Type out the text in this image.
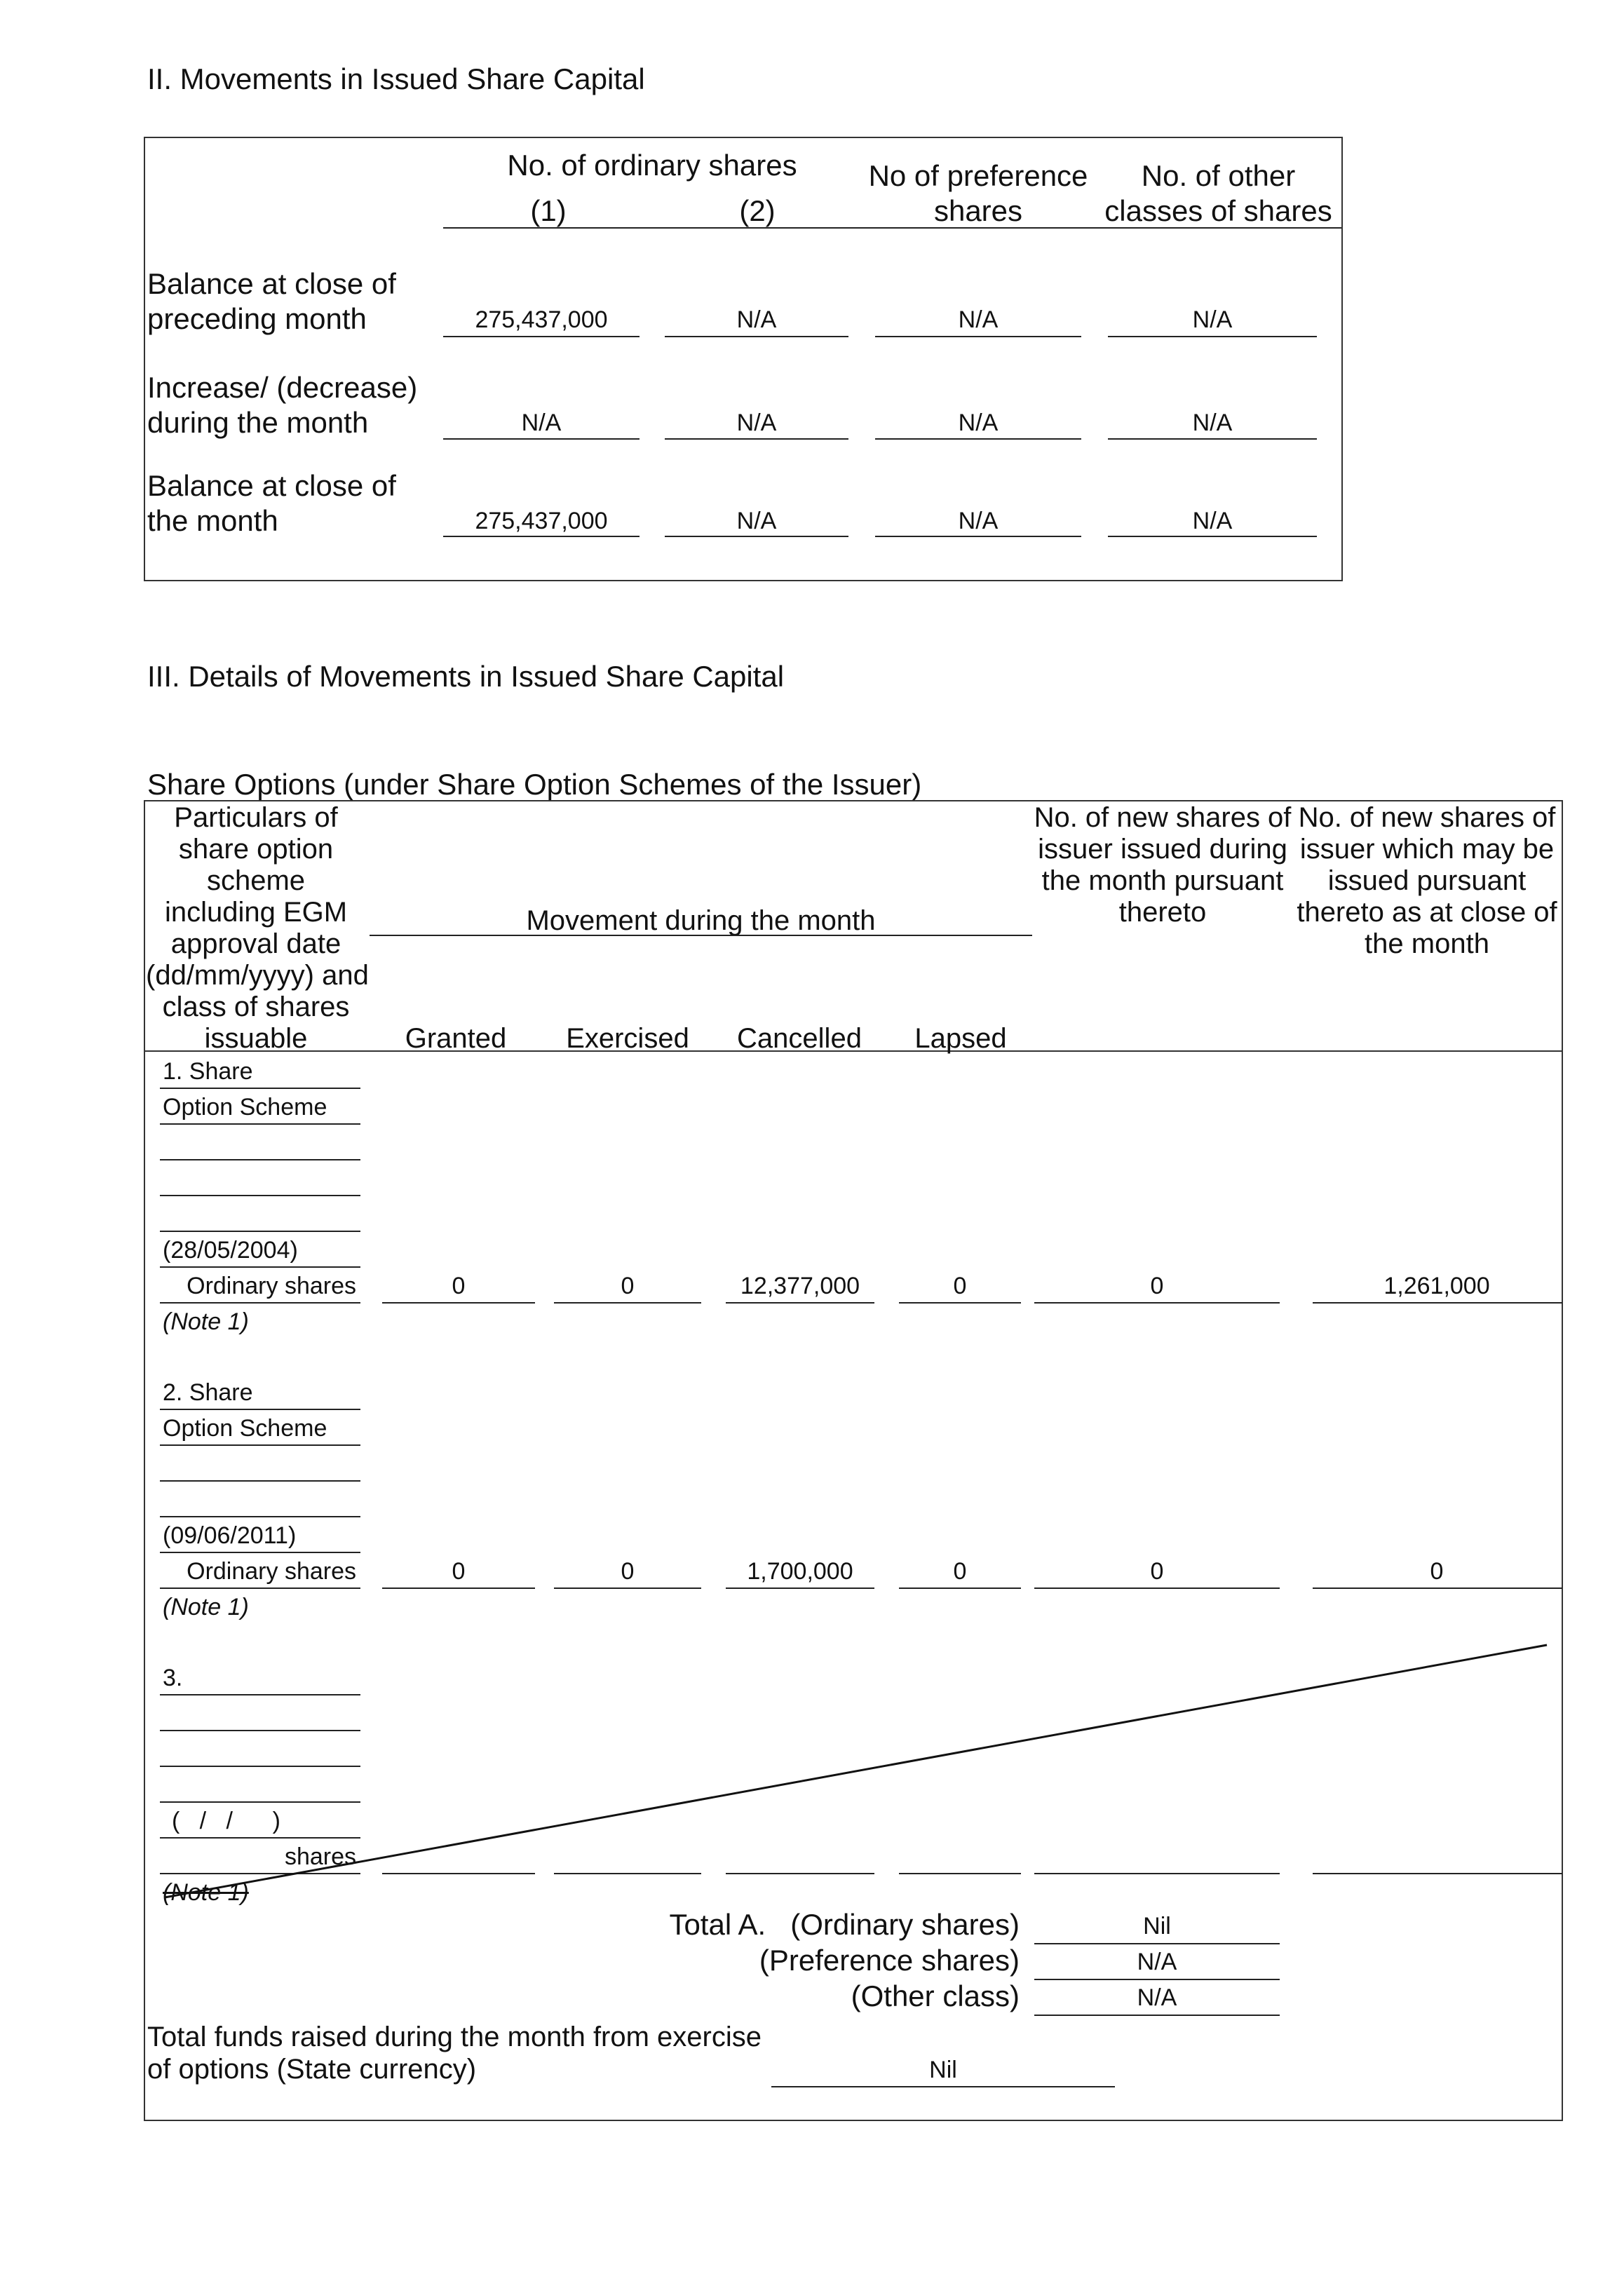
II. Movements in Issued Share Capital
No. of ordinary shares
(1)	(2)
No of preference
shares
No. of other
classes of shares
Balance at close of
preceding month	275,437,000	N/A	N/A	N/A
Increase/ (decrease)
during the month	N/A	N/A	N/A	N/A
Balance at close of
the month	275,437,000	N/A	N/A	N/A
III. Details of Movements in Issued Share Capital
Share Options (under Share Option Schemes of the Issuer)
Particulars of
share option
scheme
including EGM
approval date
(dd/mm/yyyy) and
class of shares
issuable
Movement during the month
Granted	Exercised	Cancelled	Lapsed
No. of new shares of
issuer issued during
the month pursuant
thereto
No. of new shares of
issuer which may be
issued pursuant
thereto as at close of
the month
1. Share
Option Scheme
(28/05/2004)
Ordinary shares
(Note 1)
0	0	12,377,000	0	0	1,261,000
2. Share
Option Scheme
(09/06/2011)
Ordinary shares
(Note 1)
0	0	1,700,000	0	0	0
3.
(   /   /      )
shares
(Note 1)
Total A. (Ordinary shares)	Nil
(Preference shares)	N/A
(Other class)	N/A
Total funds raised during the month from exercise
of options (State currency)	Nil
